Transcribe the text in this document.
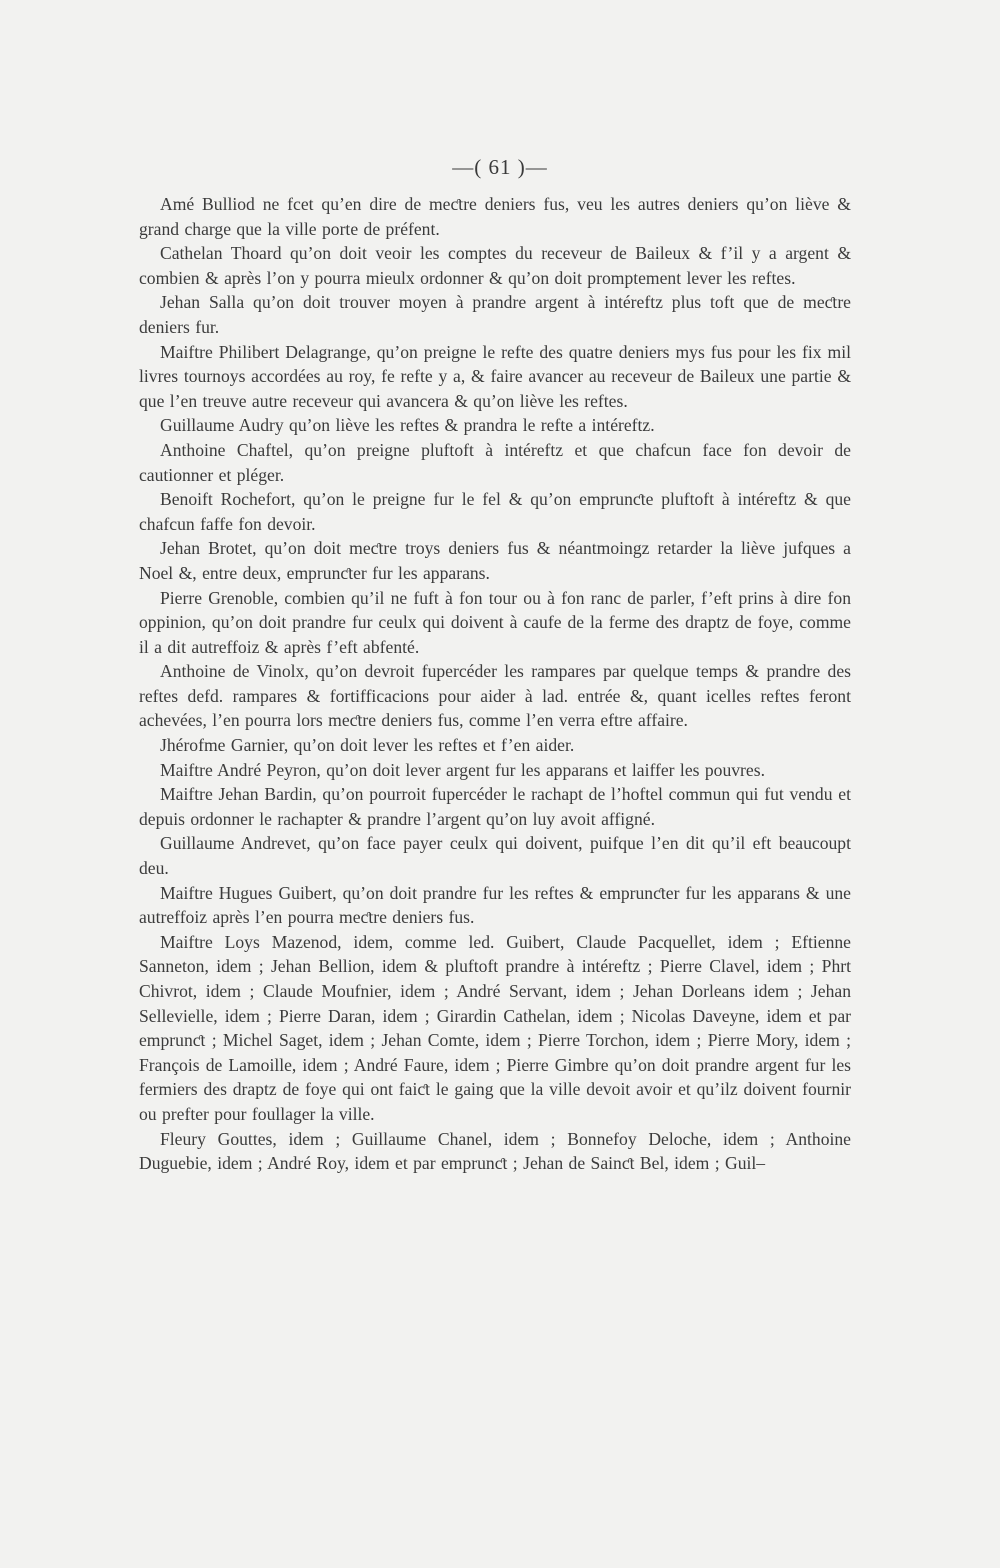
—( 61 )—

Amé Bulliod ne fcet qu’en dire de meƈtre deniers fus, veu les autres deniers qu’on liève & grand charge que la ville porte de préfent.

Cathelan Thoard qu’on doit veoir les comptes du receveur de Baileux & f’il y a argent & combien & après l’on y pourra mieulx ordonner & qu’on doit promptement lever les reftes.

Jehan Salla qu’on doit trouver moyen à prandre argent à intéreftz plus toft que de meƈtre deniers fur.

Maiftre Philibert Delagrange, qu’on preigne le refte des quatre deniers mys fus pour les fix mil livres tournoys accordées au roy, fe refte y a, & faire avancer au receveur de Baileux une partie & que l’en treuve autre receveur qui avancera & qu’on liève les reftes.

Guillaume Audry qu’on liève les reftes & prandra le refte a intéreftz.

Anthoine Chaftel, qu’on preigne pluftoft à intéreftz et que chafcun face fon devoir de cautionner et pléger.

Benoift Rochefort, qu’on le preigne fur le fel & qu’on emprunƈte pluftoft à intéreftz & que chafcun faffe fon devoir.

Jehan Brotet, qu’on doit meƈtre troys deniers fus & néantmoingz retarder la liève jufques a Noel &, entre deux, emprunƈter fur les apparans.

Pierre Grenoble, combien qu’il ne fuft à fon tour ou à fon ranc de parler, f’eft prins à dire fon oppinion, qu’on doit prandre fur ceulx qui doivent à caufe de la ferme des draptz de foye, comme il a dit autreffoiz & après f’eft abfenté.

Anthoine de Vinolx, qu’on devroit fupercéder les rampares par quelque temps & prandre des reftes defd. rampares & fortifficacions pour aider à lad. entrée &, quant icelles reftes feront achevées, l’en pourra lors meƈtre deniers fus, comme l’en verra eftre affaire.

Jhérofme Garnier, qu’on doit lever les reftes et f’en aider.

Maiftre André Peyron, qu’on doit lever argent fur les apparans et laiffer les pouvres.

Maiftre Jehan Bardin, qu’on pourroit fupercéder le rachapt de l’hoftel commun qui fut vendu et depuis ordonner le rachapter & prandre l’argent qu’on luy avoit affigné.

Guillaume Andrevet, qu’on face payer ceulx qui doivent, puifque l’en dit qu’il eft beaucoupt deu.

Maiftre Hugues Guibert, qu’on doit prandre fur les reftes & emprunƈter fur les apparans & une autreffoiz après l’en pourra meƈtre deniers fus.

Maiftre Loys Mazenod, idem, comme led. Guibert, Claude Pacquellet, idem ; Eftienne Sanneton, idem ; Jehan Bellion, idem & pluftoft prandre à intéreftz ; Pierre Clavel, idem ; Phrt Chivrot, idem ; Claude Moufnier, idem ; André Servant, idem ; Jehan Dorleans idem ; Jehan Sellevielle, idem ; Pierre Daran, idem ; Girardin Cathelan, idem ; Nicolas Daveyne, idem et par emprunƈt ; Michel Saget, idem ; Jehan Comte, idem ; Pierre Torchon, idem ; Pierre Mory, idem ; François de Lamoille, idem ; André Faure, idem ; Pierre Gimbre qu’on doit prandre argent fur les fermiers des draptz de foye qui ont faiƈt le gaing que la ville devoit avoir et qu’ilz doivent fournir ou prefter pour foullager la ville.

Fleury Gouttes, idem ; Guillaume Chanel, idem ; Bonnefoy Deloche, idem ; Anthoine Duguebie, idem ; André Roy, idem et par emprunƈt ; Jehan de Sainƈt Bel, idem ; Guil–
